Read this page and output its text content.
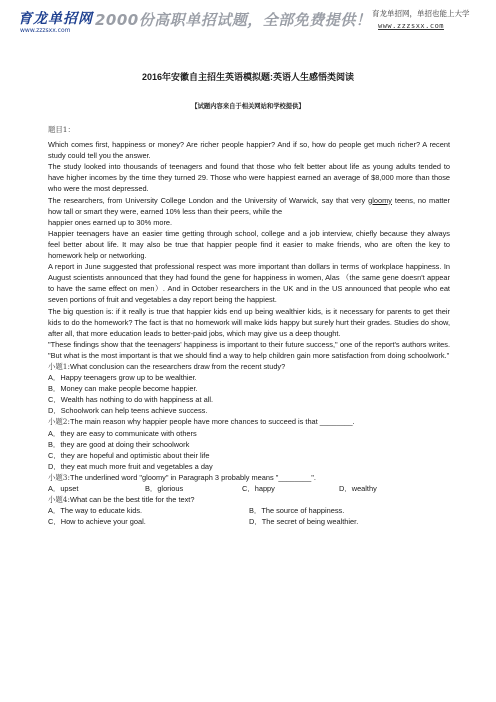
育龙单招网
www.zzzsxx.com
2000份高职单招试题，全部免费提供！ 育龙单招网，单招也能上大学
www.zzzsxx.com
2016年安徽自主招生英语模拟题:英语人生感悟类阅读
【试题内容来自于相关网站和学校提供】

题目1：

Which comes first, happiness or money? Are richer people happier? And if so, how do people get much richer? A recent study could tell you the answer.

The study looked into thousands of teenagers and found that those who felt better about life as young adults tended to have higher incomes by the time they turned 29. Those who were happiest earned an average of $8,000 more than those who were the most depressed.

The researchers, from University College London and the University of Warwick, say that very gloomy teens, no matter how tall or smart they were, earned 10% less than their peers, while the

happier ones earned up to 30% more.

Happier teenagers have an easier time getting through school, college and a job interview, chiefly because they always feel better about life. It may also be true that happier people find it easier to make friends, who are often the key to homework help or networking.

A report in June suggested that professional respect was more important than dollars in terms of workplace happiness. In August scientists announced that they had found the gene for happiness in women, Alas （the same gene doesn't appear to have the same effect on men）. And in October researchers in the UK and in the US announced that people who eat seven portions of fruit and vegetables a day report being the happiest.

The big question is: if it really is true that happier kids end up being wealthier kids, is it necessary for parents to get their kids to do the homework? The fact is that no homework will make kids happy but surely hurt their grades. Studies do show, after all, that more education leads to better-paid jobs, which may give us a deep thought.

"These findings show that the teenagers' happiness is important to their future success," one of the report's authors writes. "But what is the most important is that we should find a way to help children gain more satisfaction from doing schoolwork."

小题1:What conclusion can the researchers draw from the recent study?

A．Happy teenagers grow up to be wealthier.

B．Money can make people become happier.

C．Wealth has nothing to do with happiness at all.

D．Schoolwork can help teens achieve success.

小题2:The main reason why happier people have more chances to succeed is that ________.

A．they are easy to communicate with others

B．they are good at doing their schoolwork

C．they are hopeful and optimistic about their life

D．they eat much more fruit and vegetables a day

小题3:The underlined word "gloomy" in Paragraph 3 probably means "________".

A．upset	B．glorious	C．happy	D．wealthy

小题4:What can be the best title for the text?

A．The way to educate kids.	B．The source of happiness.
C．How to achieve your goal.	D．The secret of being wealthier.
